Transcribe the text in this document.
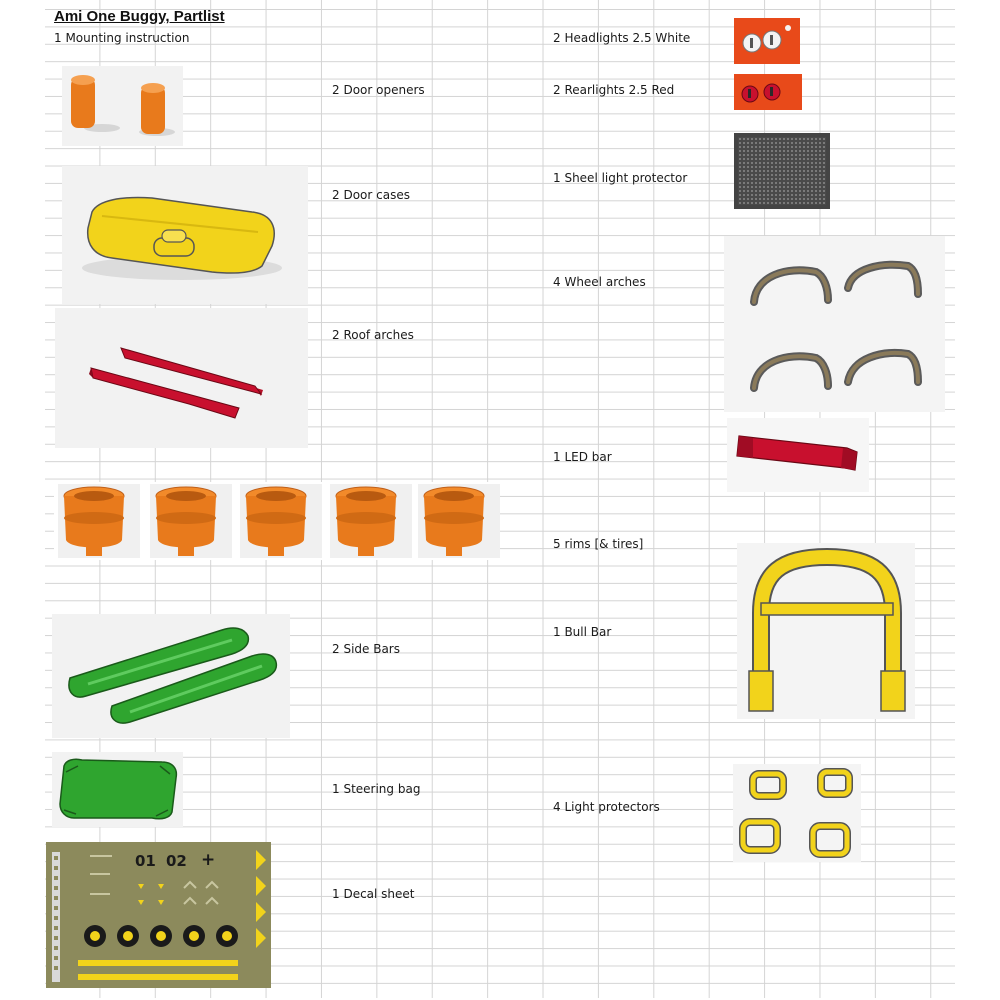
Ami One Buggy, Partlist
1 Mounting instruction
2 Door openers
2 Door cases
2 Roof arches
2 Side Bars
1 Steering bag
1 Decal sheet
2 Headlights 2.5 White
2 Rearlights 2.5 Red
1 Sheel light protector
4 Wheel arches
1 LED bar
5 rims [& tires]
1 Bull Bar
4 Light protectors
01 02 +
